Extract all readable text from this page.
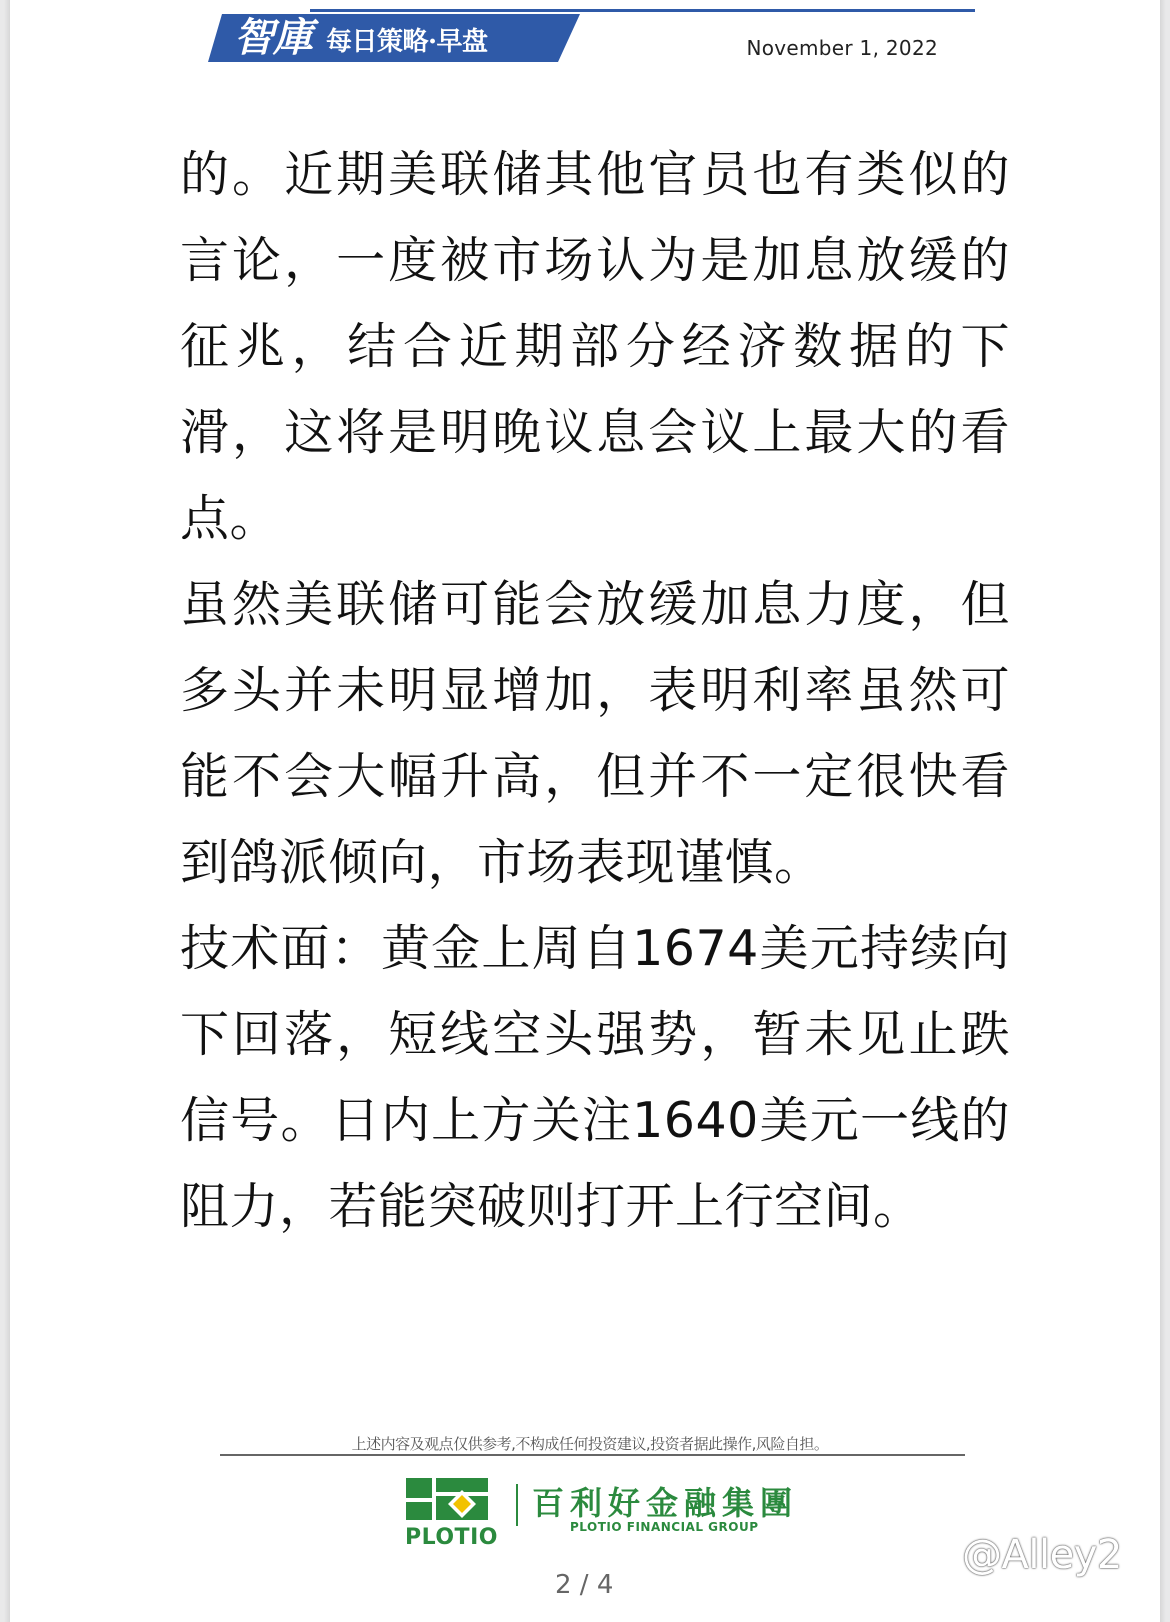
智庫 每日策略·早盘	November 1, 2022

的。近期美联储其他官员也有类似的言论，一度被市场认为是加息放缓的征兆，结合近期部分经济数据的下滑，这将是明晚议息会议上最大的看点。

虽然美联储可能会放缓加息力度，但多头并未明显增加，表明利率虽然可能不会大幅升高，但并不一定很快看到鸽派倾向，市场表现谨慎。

技术面：黄金上周自1674美元持续向下回落，短线空头强势，暂未见止跌信号。日内上方关注1640美元一线的阻力，若能突破则打开上行空间。

上述内容及观点仅供参考,不构成任何投资建议,投资者据此操作,风险自担。
PLOTIO
百利好金融集團
PLOTIO FINANCIAL GROUP
2 / 4
@Alley2
